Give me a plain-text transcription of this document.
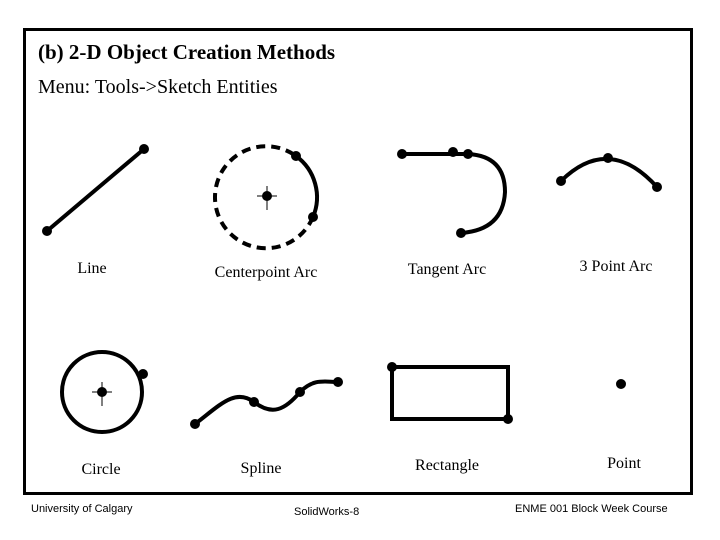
(b) 2-D Object Creation Methods
Menu: Tools->Sketch Entities
Line	Centerpoint Arc	Tangent Arc	3 Point Arc
Circle	Spline	Rectangle	Point
University of Calgary	SolidWorks-8	ENME 001 Block Week Course
